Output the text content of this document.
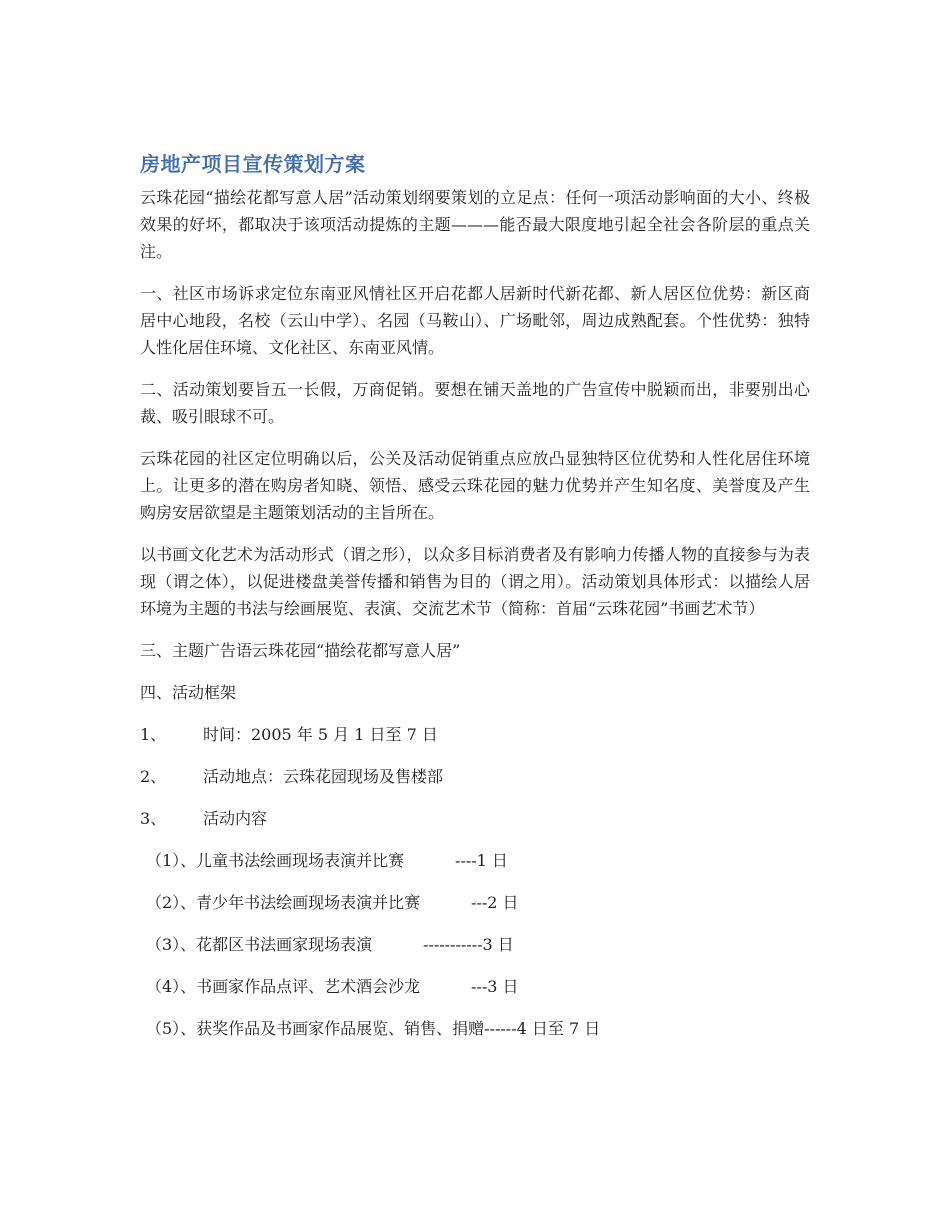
房地产项目宣传策划方案

云珠花园“描绘花都写意人居”活动策划纲要策划的立足点：任何一项活动影响面的大小、终极效果的好坏，都取决于该项活动提炼的主题———能否最大限度地引起全社会各阶层的重点关注。

一、社区市场诉求定位东南亚风情社区开启花都人居新时代新花都、新人居区位优势：新区商居中心地段，名校（云山中学）、名园（马鞍山）、广场毗邻，周边成熟配套。个性优势：独特人性化居住环境、文化社区、东南亚风情。

二、活动策划要旨五一长假，万商促销。要想在铺天盖地的广告宣传中脱颖而出，非要别出心裁、吸引眼球不可。

云珠花园的社区定位明确以后，公关及活动促销重点应放凸显独特区位优势和人性化居住环境上。让更多的潜在购房者知晓、领悟、感受云珠花园的魅力优势并产生知名度、美誉度及产生购房安居欲望是主题策划活动的主旨所在。

以书画文化艺术为活动形式（谓之形），以众多目标消费者及有影响力传播人物的直接参与为表现（谓之体），以促进楼盘美誉传播和销售为目的（谓之用）。活动策划具体形式：以描绘人居环境为主题的书法与绘画展览、表演、交流艺术节（简称：首届“云珠花园”书画艺术节）

三、主题广告语云珠花园“描绘花都写意人居”

四、活动框架

1、	时间：2005 年 5 月 1 日至 7 日
2、	活动地点：云珠花园现场及售楼部
3、	活动内容
（1）、儿童书法绘画现场表演并比赛          ----1 日
（2）、青少年书法绘画现场表演并比赛          ---2 日
（3）、花都区书法画家现场表演          -----------3 日
（4）、书画家作品点评、艺术酒会沙龙          ---3 日
（5）、获奖作品及书画家作品展览、销售、捐赠------4 日至 7 日
